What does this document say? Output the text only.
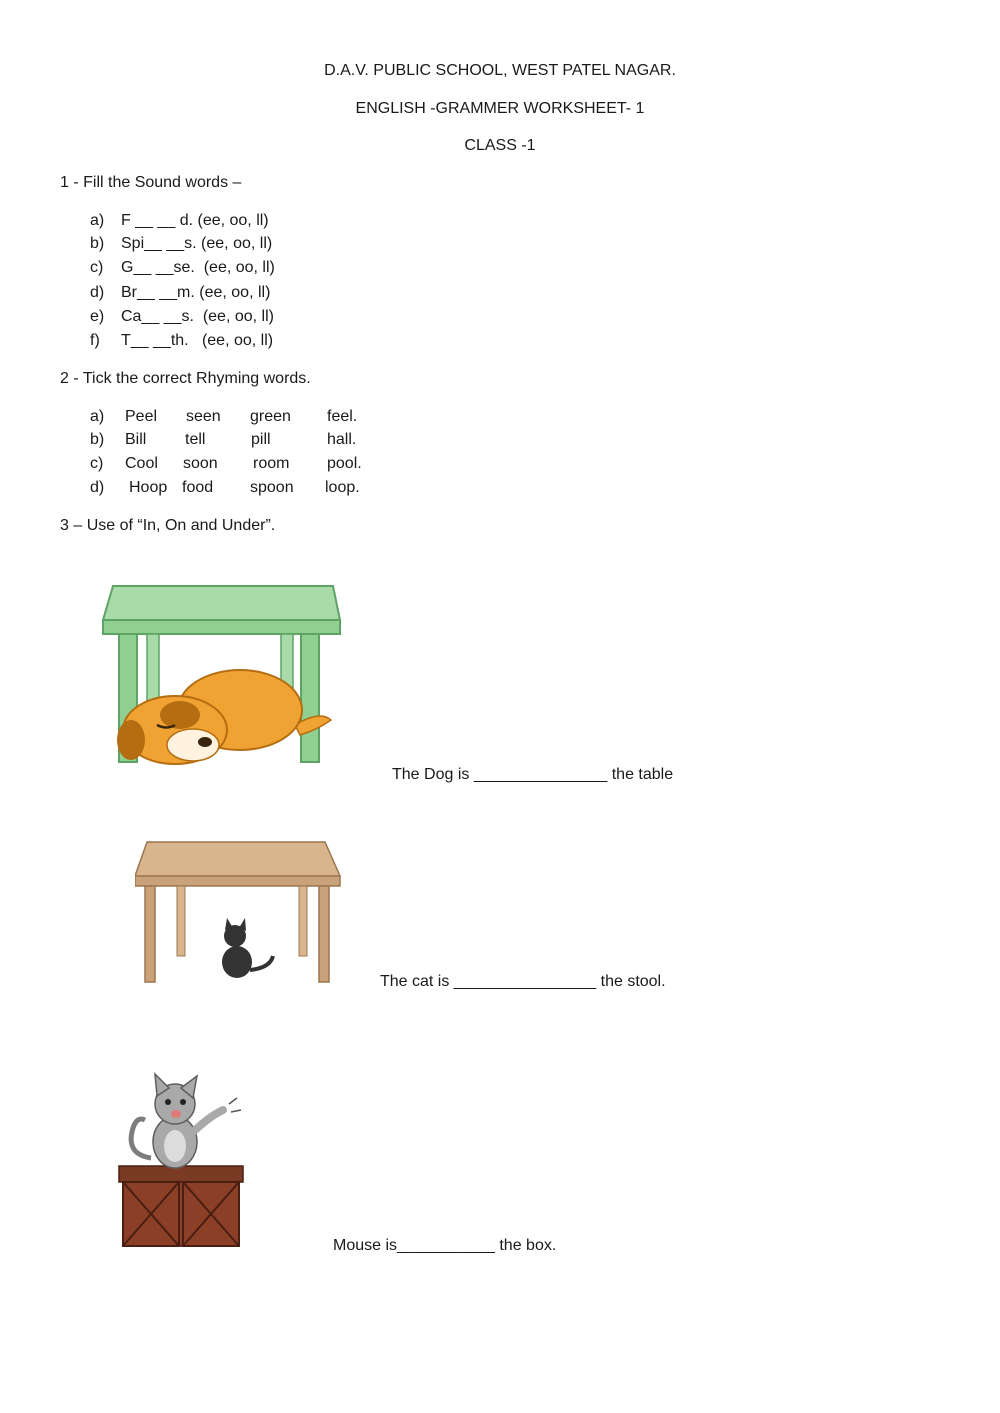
D.A.V. PUBLIC SCHOOL, WEST PATEL NAGAR.
ENGLISH -GRAMMER WORKSHEET- 1
CLASS -1
1 - Fill the Sound words –
a) F __ __ d. (ee, oo, ll)
b) Spi__ __s. (ee, oo, ll)
c) G__ __se.  (ee, oo, ll)
d) Br__ __m. (ee, oo, ll)
e) Ca__ __s.  (ee, oo, ll)
f) T__ __th.   (ee, oo, ll)
2 - Tick the correct Rhyming words.
a) Peel seen green feel.
b) Bill tell	pill	hall.
c) Cool soon room pool.
d) Hoop food spoon loop.
3 – Use of “In, On and Under”.
The Dog is _______________ the table
The cat is ________________ the stool.
Mouse is___________ the box.
